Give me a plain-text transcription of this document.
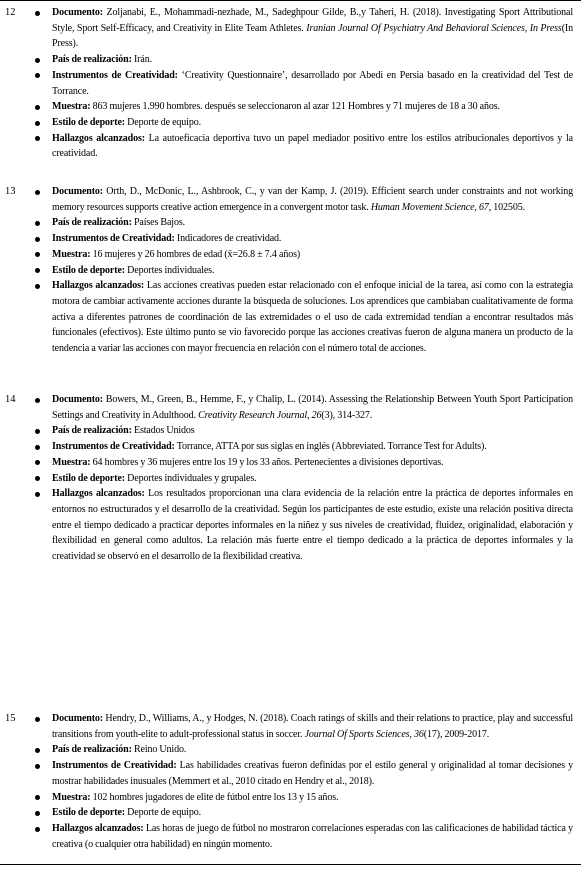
12	Documento: Zoljanabi, E., Mohammadi-nezhade, M., Sadeghpour Gilde, B.,y Taheri, H. (2018). Investigating Sport Attributional Style, Sport Self-Efficacy, and Creativity in Elite Team Athletes. Iranian Journal Of Psychiatry And Behavioral Sciences, In Press(In Press).
País de realización: Irán.
Instrumentos de Creatividad: ‘Creativity Questionnaire’, desarrollado por Abedi en Persia basado en la creatividad del Test de Torrance.
Muestra: 863 mujeres 1.990 hombres. después se seleccionaron al azar 121 Hombres y 71 mujeres de 18 a 30 años.
Estilo de deporte: Deporte de equipo.
Hallazgos alcanzados: La autoeficacia deportiva tuvo un papel mediador positivo entre los estilos atribucionales deportivos y la creatividad.
13	Documento: Orth, D., McDonic, L., Ashbrook, C., y van der Kamp, J. (2019). Efficient search under constraints and not working memory resources supports creative action emergence in a convergent motor task. Human Movement Science, 67, 102505.
País de realización: Países Bajos.
Instrumentos de Creatividad: Indicadores de creatividad.
Muestra: 16 mujeres y 26 hombres de edad (x̄=26.8 ± 7.4 años)
Estilo de deporte: Deportes individuales.
Hallazgos alcanzados: Las acciones creativas pueden estar relacionado con el enfoque inicial de la tarea, así como con la estrategia motora de cambiar activamente acciones durante la búsqueda de soluciones. Los aprendices que cambiaban cualitativamente de forma activa a diferentes patrones de coordinación de las extremidades o el uso de cada extremidad tendían a encontrar resultados más funcionales (efectivos). Este último punto se vio favorecido porque las acciones creativas fueron de alguna manera un producto de la tendencia a variar las acciones con mayor frecuencia en relación con el número total de acciones.
14	Documento: Bowers, M., Green, B., Hemme, F., y Chalip, L. (2014). Assessing the Relationship Between Youth Sport Participation Settings and Creativity in Adulthood. Creativity Research Journal, 26(3), 314-327.
País de realización: Estados Unidos
Instrumentos de Creatividad: Torrance, ATTA por sus siglas en inglés (Abbreviated. Torrance Test for Adults).
Muestra: 64 hombres y 36 mujeres entre los 19 y los 33 años. Pertenecientes a divisiones deportivas.
Estilo de deporte: Deportes individuales y grupales.
Hallazgos alcanzados: Los resultados proporcionan una clara evidencia de la relación entre la práctica de deportes informales en entornos no estructurados y el desarrollo de la creatividad. Según los participantes de este estudio, existe una relación positiva directa entre el tiempo dedicado a practicar deportes informales en la niñez y sus niveles de creatividad, fluidez, originalidad, elaboración y flexibilidad en general como adultos. La relación más fuerte entre el tiempo dedicado a la práctica de deportes informales y la creatividad se observó en el desarrollo de la flexibilidad creativa.
15	Documento: Hendry, D., Williams, A., y Hodges, N. (2018). Coach ratings of skills and their relations to practice, play and successful transitions from youth-elite to adult-professional status in soccer. Journal Of Sports Sciences, 36(17), 2009-2017.
País de realización: Reino Unido.
Instrumentos de Creatividad: Las habilidades creativas fueron definidas por el estilo general y originalidad al tomar decisiones y mostrar habilidades inusuales (Memmert et al., 2010 citado en Hendry et al., 2018).
Muestra: 102 hombres jugadores de elite de fútbol entre los 13 y 15 años.
Estilo de deporte: Deporte de equipo.
Hallazgos alcanzados: Las horas de juego de fútbol no mostraron correlaciones esperadas con las calificaciones de habilidad táctica y creativa (o cualquier otra habilidad) en ningún momento.
